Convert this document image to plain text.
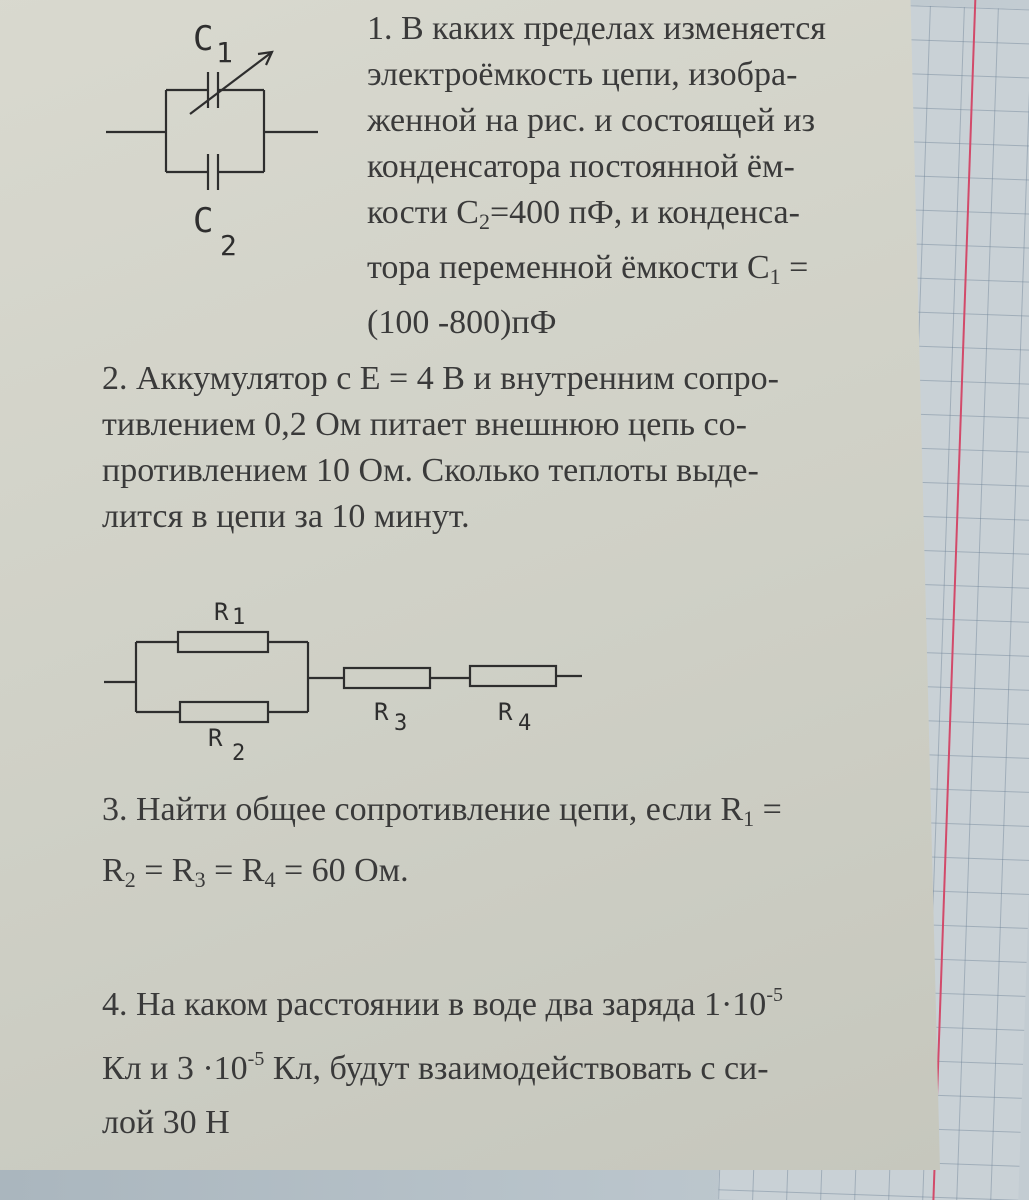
C 1
C
2
1. В каких пределах изменяется
электроёмкость цепи, изобра-
женной на рис. и состоящей из
конденсатора постоянной ём-
кости $C_2=400$ пФ, и конденса-
тора переменной ёмкости $C_1$ =
(100 -800)пФ
2. Аккумулятор с E = 4 В и внутренним сопро-
тивлением 0,2 Ом питает внешнюю цепь со-
противлением 10 Ом. Сколько теплоты выде-
лится в цепи за 10 минут.
R 1
R
2
R 3	R 4
3. Найти общее сопротивление цепи, если $R_1$ =
$R_2 = R_3 = R_4 = 60$ Ом.
4. На каком расстоянии в воде два заряда $1\cdot 10^{-5}$
Кл и $3 \cdot 10^{-5}$ Кл, будут взаимодействовать с си-
лой 30 Н
